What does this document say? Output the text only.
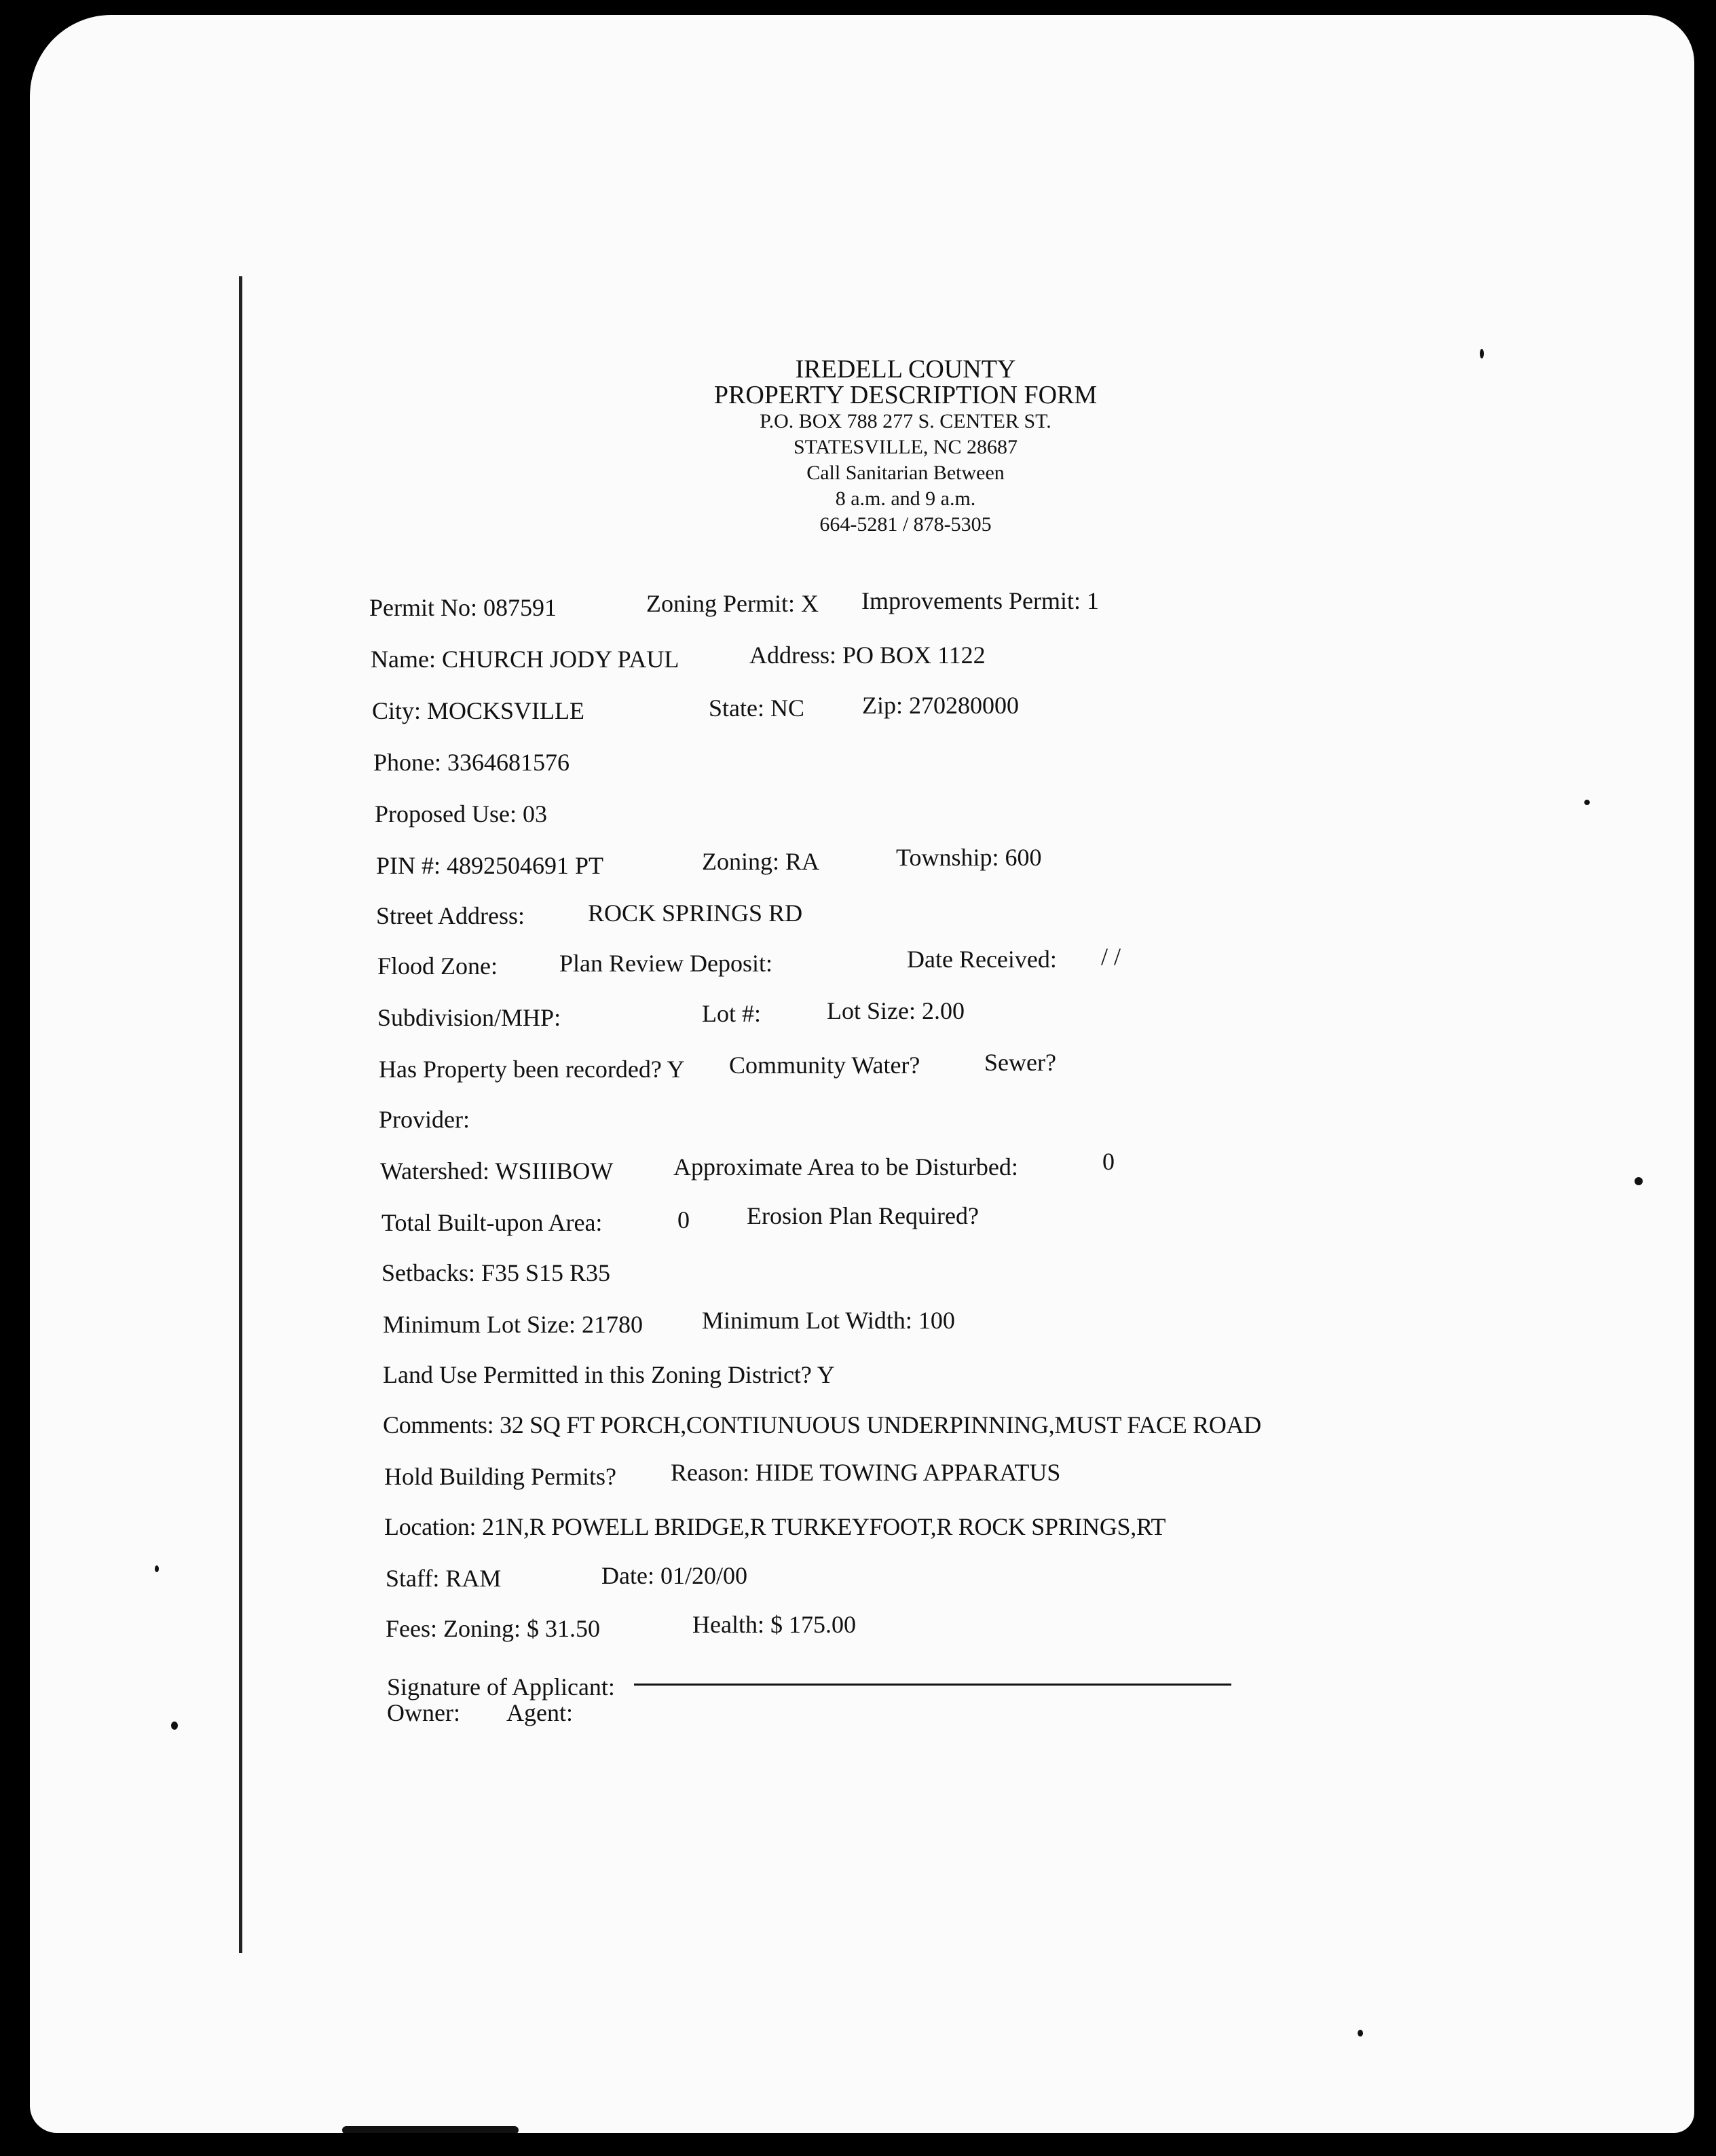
IREDELL COUNTY
PROPERTY DESCRIPTION FORM
P.O. BOX 788 277 S. CENTER ST.
STATESVILLE, NC 28687
Call Sanitarian Between
8 a.m. and 9 a.m.
664-5281 / 878-5305
Permit No: 087591	Zoning Permit: X Improvements Permit: 1
Name: CHURCH JODY PAUL	Address: PO BOX 1122
City: MOCKSVILLE	State: NC Zip: 270280000
Phone: 3364681576
Proposed Use: 03
PIN #: 4892504691 PT	Zoning: RA	Township: 600
Street Address:	ROCK SPRINGS RD
Flood Zone:	Plan Review Deposit:	Date Received: / /
Subdivision/MHP:	Lot #:	Lot Size: 2.00
Has Property been recorded? Y Community Water?	Sewer?
Provider:
Watershed: WSIIIBOW Approximate Area to be Disturbed:	0
Total Built-upon Area:	0 Erosion Plan Required?
Setbacks: F35 S15 R35
Minimum Lot Size: 21780 Minimum Lot Width: 100
Land Use Permitted in this Zoning District? Y
Comments: 32 SQ FT PORCH,CONTIUNUOUS UNDERPINNING,MUST FACE ROAD
Hold Building Permits? Reason: HIDE TOWING APPARATUS
Location: 21N,R POWELL BRIDGE,R TURKEYFOOT,R ROCK SPRINGS,RT
Staff: RAM	Date: 01/20/00
Fees: Zoning: $ 31.50	Health: $ 175.00
Signature of Applicant:
Owner: Agent:
